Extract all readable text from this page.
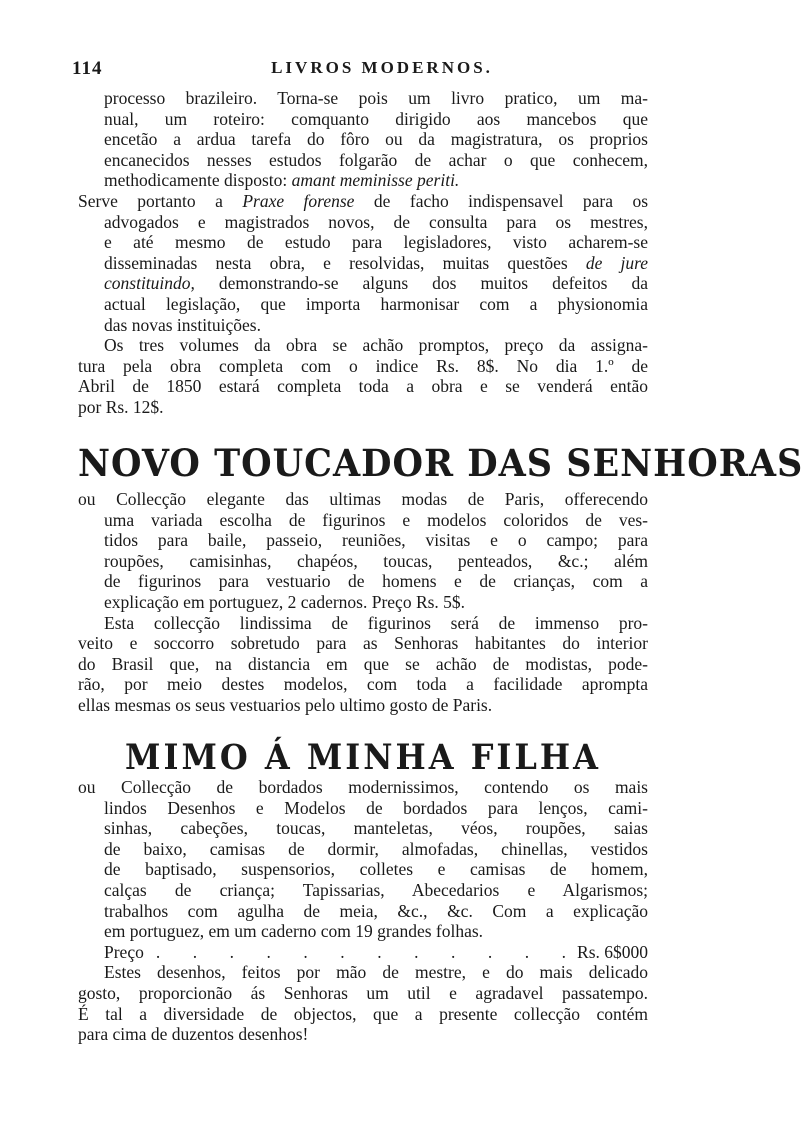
114	LIVROS MODERNOS.
processo brazileiro. Torna-se pois um livro pratico, um ma-
nual, um roteiro: comquanto dirigido aos mancebos que
encetão a ardua tarefa do fôro ou da magistratura, os proprios
encanecidos nesses estudos folgarão de achar o que conhecem,
methodicamente disposto: amant meminisse periti.
Serve portanto a Praxe forense de facho indispensavel para os
advogados e magistrados novos, de consulta para os mestres,
e até mesmo de estudo para legisladores, visto acharem-se
disseminadas nesta obra, e resolvidas, muitas questões de jure
constituindo, demonstrando-se alguns dos muitos defeitos da
actual legislação, que importa harmonisar com a physionomia
das novas instituições.
Os tres volumes da obra se achão promptos, preço da assigna-
tura pela obra completa com o indice Rs. 8$. No dia 1.º de
Abril de 1850 estará completa toda a obra e se venderá então
por Rs. 12$.
NOVO TOUCADOR DAS SENHORAS
ou Collecção elegante das ultimas modas de Paris, offerecendo
uma variada escolha de figurinos e modelos coloridos de ves-
tidos para baile, passeio, reuniões, visitas e o campo; para
roupões, camisinhas, chapéos, toucas, penteados, &c.; além
de figurinos para vestuario de homens e de crianças, com a
explicação em portuguez, 2 cadernos. Preço Rs. 5$.
Esta collecção lindissima de figurinos será de immenso pro-
veito e soccorro sobretudo para as Senhoras habitantes do interior
do Brasil que, na distancia em que se achão de modistas, pode-
rão, por meio destes modelos, com toda a facilidade aprompta
ellas mesmas os seus vestuarios pelo ultimo gosto de Paris.
MIMO Á MINHA FILHA
ou Collecção de bordados modernissimos, contendo os mais
lindos Desenhos e Modelos de bordados para lenços, cami-
sinhas, cabeções, toucas, manteletas, véos, roupões, saias
de baixo, camisas de dormir, almofadas, chinellas, vestidos
de baptisado, suspensorios, colletes e camisas de homem,
calças de criança; Tapissarias, Abecedarios e Algarismos;
trabalhos com agulha de meia, &c., &c. Com a explicação
em portuguez, em um caderno com 19 grandes folhas.
Preço . . . . . . . . . . . . Rs. 6$000
Estes desenhos, feitos por mão de mestre, e do mais delicado
gosto, proporcionão ás Senhoras um util e agradavel passatempo.
É tal a diversidade de objectos, que a presente collecção contém
para cima de duzentos desenhos!
